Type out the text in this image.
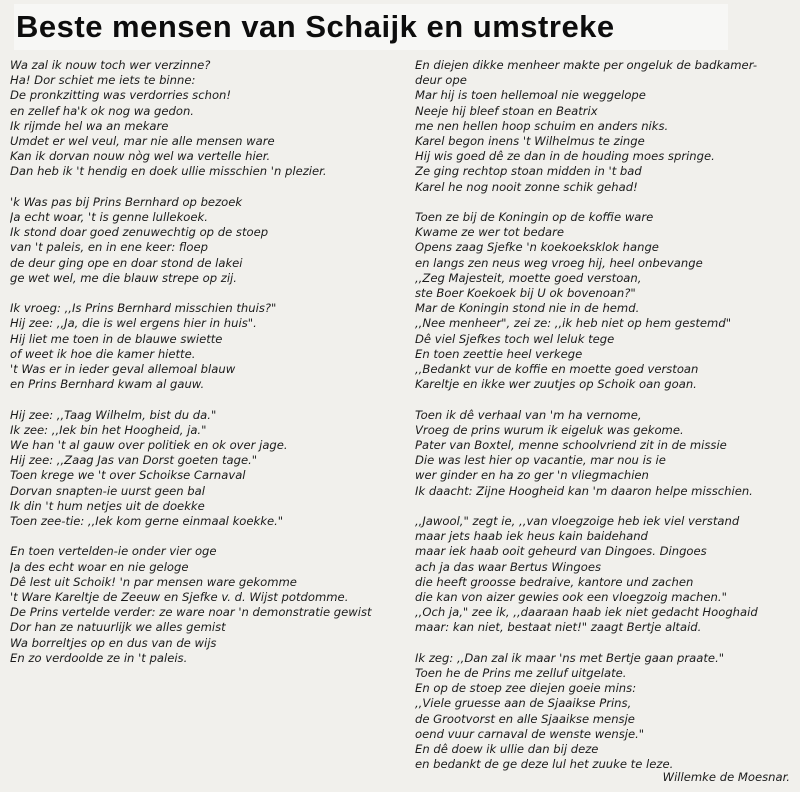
Beste mensen van Schaijk en umstreke
Wa zal ik nouw toch wer verzinne?
Ha! Dor schiet me iets te binne:
De pronkzitting was verdorries schon!
en zellef ha'k ok nog wa gedon.
Ik rijmde hel wa an mekare
Umdet er wel veul, mar nie alle mensen ware
Kan ik dorvan nouw nòg wel wa vertelle hier.
Dan heb ik 't hendig en doek ullie misschien 'n plezier.
'k Was pas bij Prins Bernhard op bezoek
Ja echt woar, 't is genne lullekoek.
Ik stond doar goed zenuwechtig op de stoep
van 't paleis, en in ene keer: floep
de deur ging ope en doar stond de lakei
ge wet wel, me die blauw strepe op zij.
Ik vroeg: ,,Is Prins Bernhard misschien thuis?"
Hij zee: ,,Ja, die is wel ergens hier in huis".
Hij liet me toen in de blauwe swiette
of weet ik hoe die kamer hiette.
't Was er in ieder geval allemoal blauw
en Prins Bernhard kwam al gauw.
Hij zee: ,,Taag Wilhelm, bist du da."
Ik zee: ,,Iek bin het Hoogheid, ja."
We han 't al gauw over politiek en ok over jage.
Hij zee: ,,Zaag Jas van Dorst goeten tage."
Toen krege we 't over Schoikse Carnaval
Dorvan snapten-ie uurst geen bal
Ik din 't hum netjes uit de doekke
Toen zee-tie: ,,Iek kom gerne einmaal koekke."
En toen vertelden-ie onder vier oge
Ja des echt woar en nie geloge
Dê lest uit Schoik! 'n par mensen ware gekomme
't Ware Kareltje de Zeeuw en Sjefke v. d. Wijst potdomme.
De Prins vertelde verder: ze ware noar 'n demonstratie gewist
Dor han ze natuurlijk we alles gemist
Wa borreltjes op en dus van de wijs
En zo verdoolde ze in 't paleis.
En diejen dikke menheer makte per ongeluk de badkamer-
deur ope
Mar hij is toen hellemoal nie weggelope
Neeje hij bleef stoan en Beatrix
me nen hellen hoop schuim en anders niks.
Karel begon inens 't Wilhelmus te zinge
Hij wis goed dê ze dan in de houding moes springe.
Ze ging rechtop stoan midden in 't bad
Karel he nog nooit zonne schik gehad!
Toen ze bij de Koningin op de koffie ware
Kwame ze wer tot bedare
Opens zaag Sjefke 'n koekoeksklok hange
en langs zen neus weg vroeg hij, heel onbevange
,,Zeg Majesteit, moette goed verstoan,
ste Boer Koekoek bij U ok bovenoan?"
Mar de Koningin stond nie in de hemd.
,,Nee menheer", zei ze: ,,ik heb niet op hem gestemd"
Dê viel Sjefkes toch wel leluk tege
En toen zeettie heel verkege
,,Bedankt vur de koffie en moette goed verstoan
Kareltje en ikke wer zuutjes op Schoik oan goan.
Toen ik dê verhaal van 'm ha vernome,
Vroeg de prins wurum ik eigeluk was gekome.
Pater van Boxtel, menne schoolvriend zit in de missie
Die was lest hier op vacantie, mar nou is ie
wer ginder en ha zo ger 'n vliegmachien
Ik daacht: Zijne Hoogheid kan 'm daaron helpe misschien.
,,Jawool," zegt ie, ,,van vloegzoige heb iek viel verstand
maar jets haab iek heus kain baidehand
maar iek haab ooit geheurd van Dingoes. Dingoes
ach ja das waar Bertus Wingoes
die heeft groosse bedraive, kantore und zachen
die kan von aizer gewies ook een vloegzoig machen."
,,Och ja," zee ik, ,,daaraan haab iek niet gedacht Hooghaid
maar: kan niet, bestaat niet!" zaagt Bertje altaid.
Ik zeg: ,,Dan zal ik maar 'ns met Bertje gaan praate."
Toen he de Prins me zelluf uitgelate.
En op de stoep zee diejen goeie mins:
,,Viele gruesse aan de Sjaaikse Prins,
de Grootvorst en alle Sjaaikse mensje
oend vuur carnaval de wenste wensje."
En dê doew ik ullie dan bij deze
en bedankt de ge deze lul het zuuke te leze.
Willemke de Moesnar.
